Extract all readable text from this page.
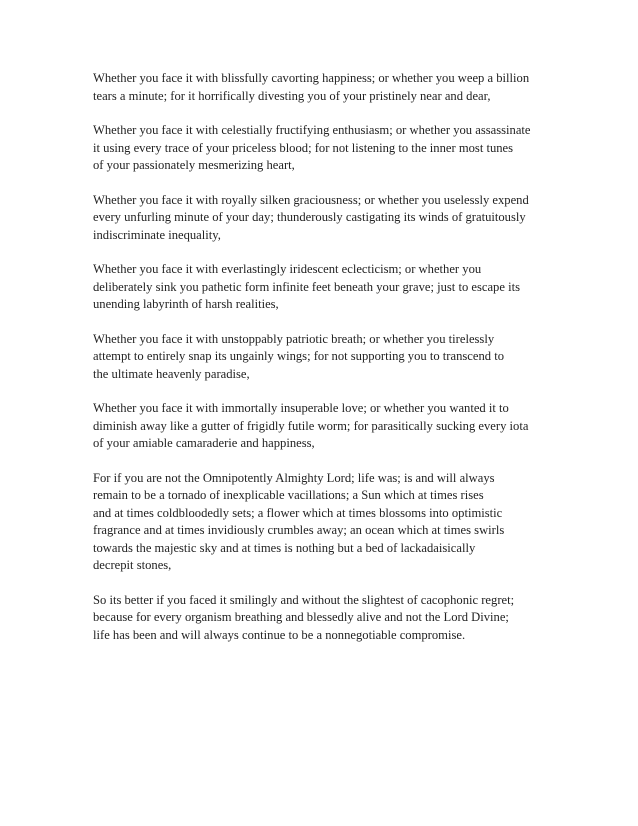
Whether you face it with blissfully cavorting happiness; or whether you weep a billion
tears a minute; for it horrifically divesting you of your pristinely near and dear,
Whether you face it with celestially fructifying enthusiasm; or whether you assassinate
it using every trace of your priceless blood; for not listening to the inner most tunes
of your passionately mesmerizing heart,
Whether you face it with royally silken graciousness; or whether you uselessly expend
every unfurling minute of your day; thunderously castigating its winds of gratuitously
indiscriminate inequality,
Whether you face it with everlastingly iridescent eclecticism; or whether you
deliberately sink you pathetic form infinite feet beneath your grave; just to escape its
unending labyrinth of harsh realities,
Whether you face it with unstoppably patriotic breath; or whether you tirelessly
attempt to entirely snap its ungainly wings; for not supporting you to transcend to
the ultimate heavenly paradise,
Whether you face it with immortally insuperable love; or whether you wanted it to
diminish away like a gutter of frigidly futile worm; for parasitically sucking every iota
of your amiable camaraderie and happiness,
For if you are not the Omnipotently Almighty Lord; life was; is and will always
remain to be a tornado of inexplicable vacillations; a Sun which at times rises
and at times coldbloodedly sets; a flower which at times blossoms into optimistic
fragrance and at times invidiously crumbles away; an ocean which at times swirls
towards the majestic sky and at times is nothing but a bed of lackadaisically
decrepit stones,
So its better if you faced it smilingly and without the slightest of cacophonic regret;
because for every organism breathing and blessedly alive and not the Lord Divine;
life has been and will always continue to be a nonnegotiable compromise.
